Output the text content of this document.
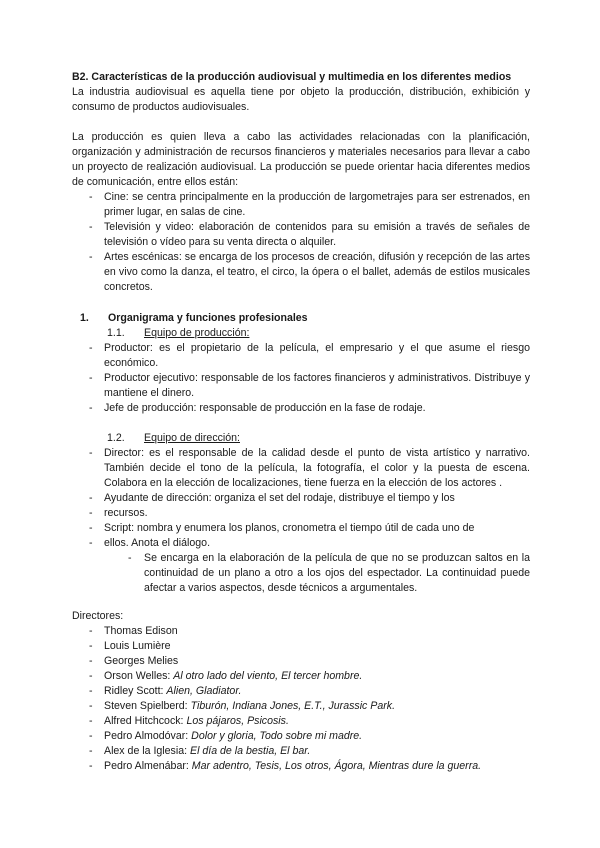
B2. Características de la producción audiovisual y multimedia en los diferentes medios

La industria audiovisual es aquella tiene por objeto la producción, distribución, exhibición y consumo de productos audiovisuales.

La producción es quien lleva a cabo las actividades relacionadas con la planificación, organización y administración de recursos financieros y materiales necesarios para llevar a cabo un proyecto de realización audiovisual. La producción se puede orientar hacia diferentes medios de comunicación, entre ellos están:

- Cine: se centra principalmente en la producción de largometrajes para ser estrenados, en primer lugar, en salas de cine.
- Televisión y video: elaboración de contenidos para su emisión a través de señales de televisión o vídeo para su venta directa o alquiler.
- Artes escénicas: se encarga de los procesos de creación, difusión y recepción de las artes en vivo como la danza, el teatro, el circo, la ópera o el ballet, además de estilos musicales concretos.
1. Organigrama y funciones profesionales
1.1. Equipo de producción:
- Productor: es el propietario de la película, el empresario y el que asume el riesgo económico.
- Productor ejecutivo: responsable de los factores financieros y administrativos. Distribuye y mantiene el dinero.
- Jefe de producción: responsable de producción en la fase de rodaje.
1.2. Equipo de dirección:
- Director: es el responsable de la calidad desde el punto de vista artístico y narrativo. También decide el tono de la película, la fotografía, el color y la puesta de escena. Colabora en la elección de localizaciones, tiene fuerza en la elección de los actores .
- Ayudante de dirección: organiza el set del rodaje, distribuye el tiempo y los
- recursos.
- Script: nombra y enumera los planos, cronometra el tiempo útil de cada uno de
- ellos. Anota el diálogo.
- Se encarga en la elaboración de la película de que no se produzcan saltos en la continuidad de un plano a otro a los ojos del espectador. La continuidad puede afectar a varios aspectos, desde técnicos a argumentales.

Directores:

- Thomas Edison
- Louis Lumière
- Georges Melies
- Orson Welles: Al otro lado del viento, El tercer hombre.
- Ridley Scott: Alien, Gladiator.
- Steven Spielberd: Tiburón, Indiana Jones, E.T., Jurassic Park.
- Alfred Hitchcock: Los pájaros, Psicosis.
- Pedro Almodóvar: Dolor y gloria, Todo sobre mi madre.
- Alex de la Iglesia: El día de la bestia, El bar.
- Pedro Almenábar: Mar adentro, Tesis, Los otros, Ágora, Mientras dure la guerra.
